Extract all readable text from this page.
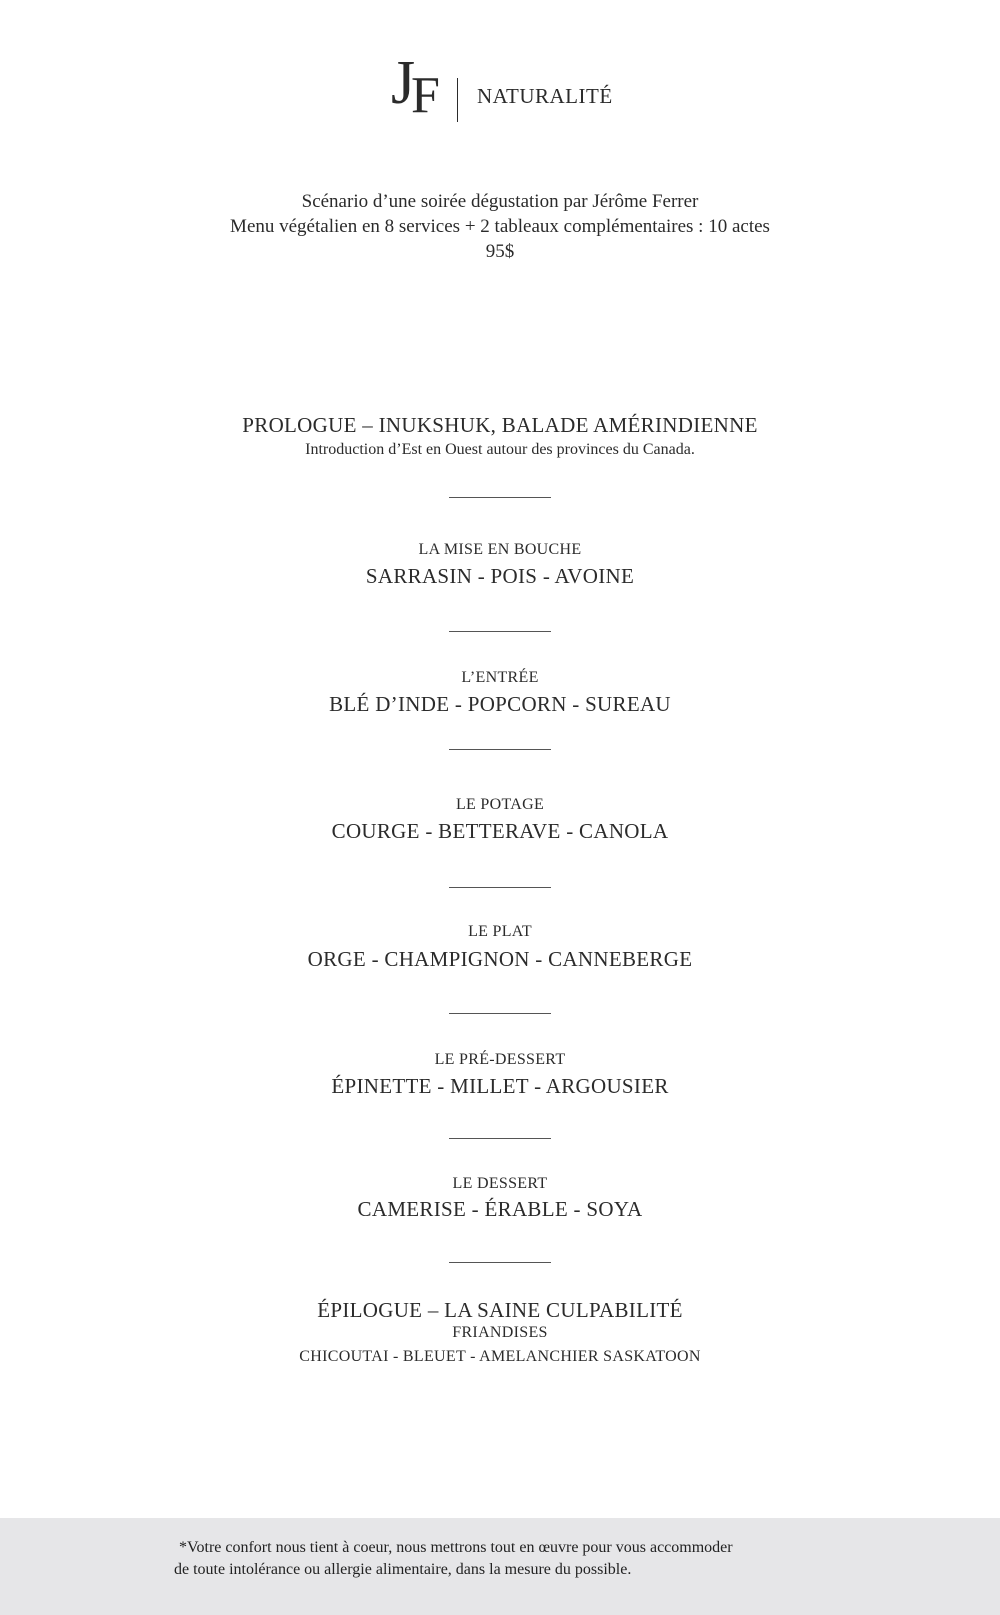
J
F NATURALITÉ
Scénario d’une soirée dégustation par Jérôme Ferrer
Menu végétalien en 8 services + 2 tableaux complémentaires : 10 actes
95$
PROLOGUE – INUKSHUK, BALADE AMÉRINDIENNE
Introduction d’Est en Ouest autour des provinces du Canada.
LA MISE EN BOUCHE
SARRASIN - POIS - AVOINE
L’ENTRÉE
BLÉ D’INDE - POPCORN - SUREAU
LE POTAGE
COURGE - BETTERAVE - CANOLA
LE PLAT
ORGE - CHAMPIGNON - CANNEBERGE
LE PRÉ-DESSERT
ÉPINETTE - MILLET - ARGOUSIER
LE DESSERT
CAMERISE - ÉRABLE - SOYA
ÉPILOGUE – LA SAINE CULPABILITÉ
FRIANDISES
CHICOUTAI - BLEUET - AMELANCHIER SASKATOON
*Votre confort nous tient à coeur, nous mettrons tout en œuvre pour vous accommoder
de toute intolérance ou allergie alimentaire, dans la mesure du possible.
